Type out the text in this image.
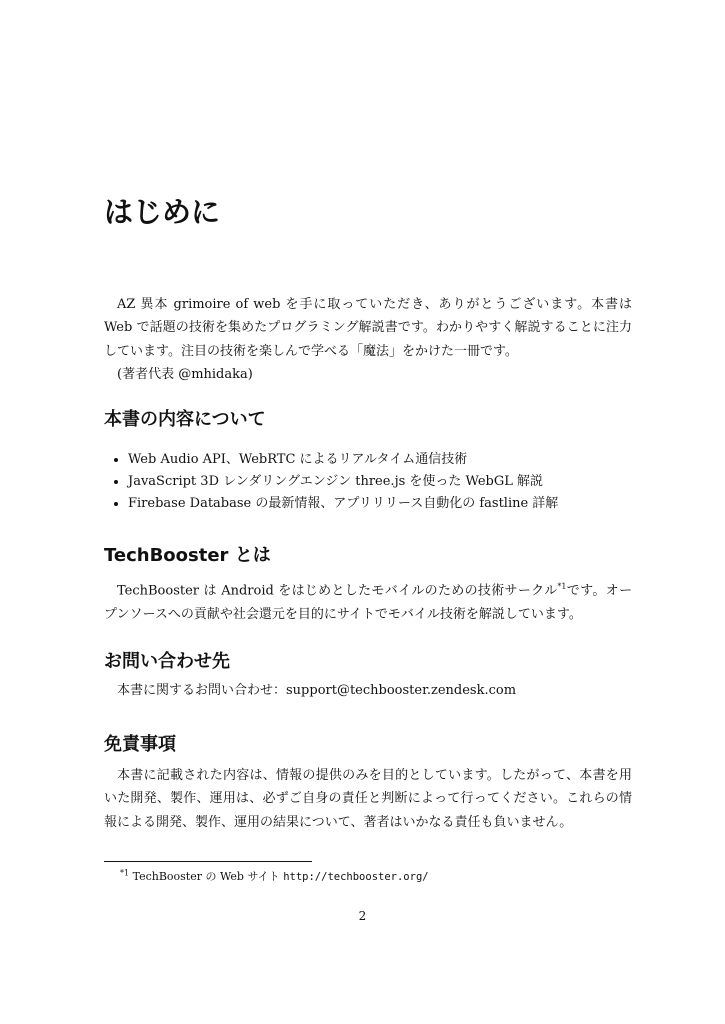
はじめに
AZ 異本 grimoire of web を手に取っていただき、ありがとうございます。本書は Web で話題の技術を集めたプログラミング解説書です。わかりやすく解説することに注力しています。注目の技術を楽しんで学べる「魔法」をかけた一冊です。
(著者代表 @mhidaka)
本書の内容について
• Web Audio API、WebRTC によるリアルタイム通信技術
• JavaScript 3D レンダリングエンジン three.js を使った WebGL 解説
• Firebase Database の最新情報、アプリリリース自動化の fastline 詳解
TechBooster とは
TechBooster は Android をはじめとしたモバイルのための技術サークル$^{*1}$です。オープンソースへの貢献や社会還元を目的にサイトでモバイル技術を解説しています。
お問い合わせ先
本書に関するお問い合わせ：support@techbooster.zendesk.com
免責事項
本書に記載された内容は、情報の提供のみを目的としています。したがって、本書を用いた開発、製作、運用は、必ずご自身の責任と判断によって行ってください。これらの情報による開発、製作、運用の結果について、著者はいかなる責任も負いません。
$^{*1}$ TechBooster の Web サイト http://techbooster.org/
2
